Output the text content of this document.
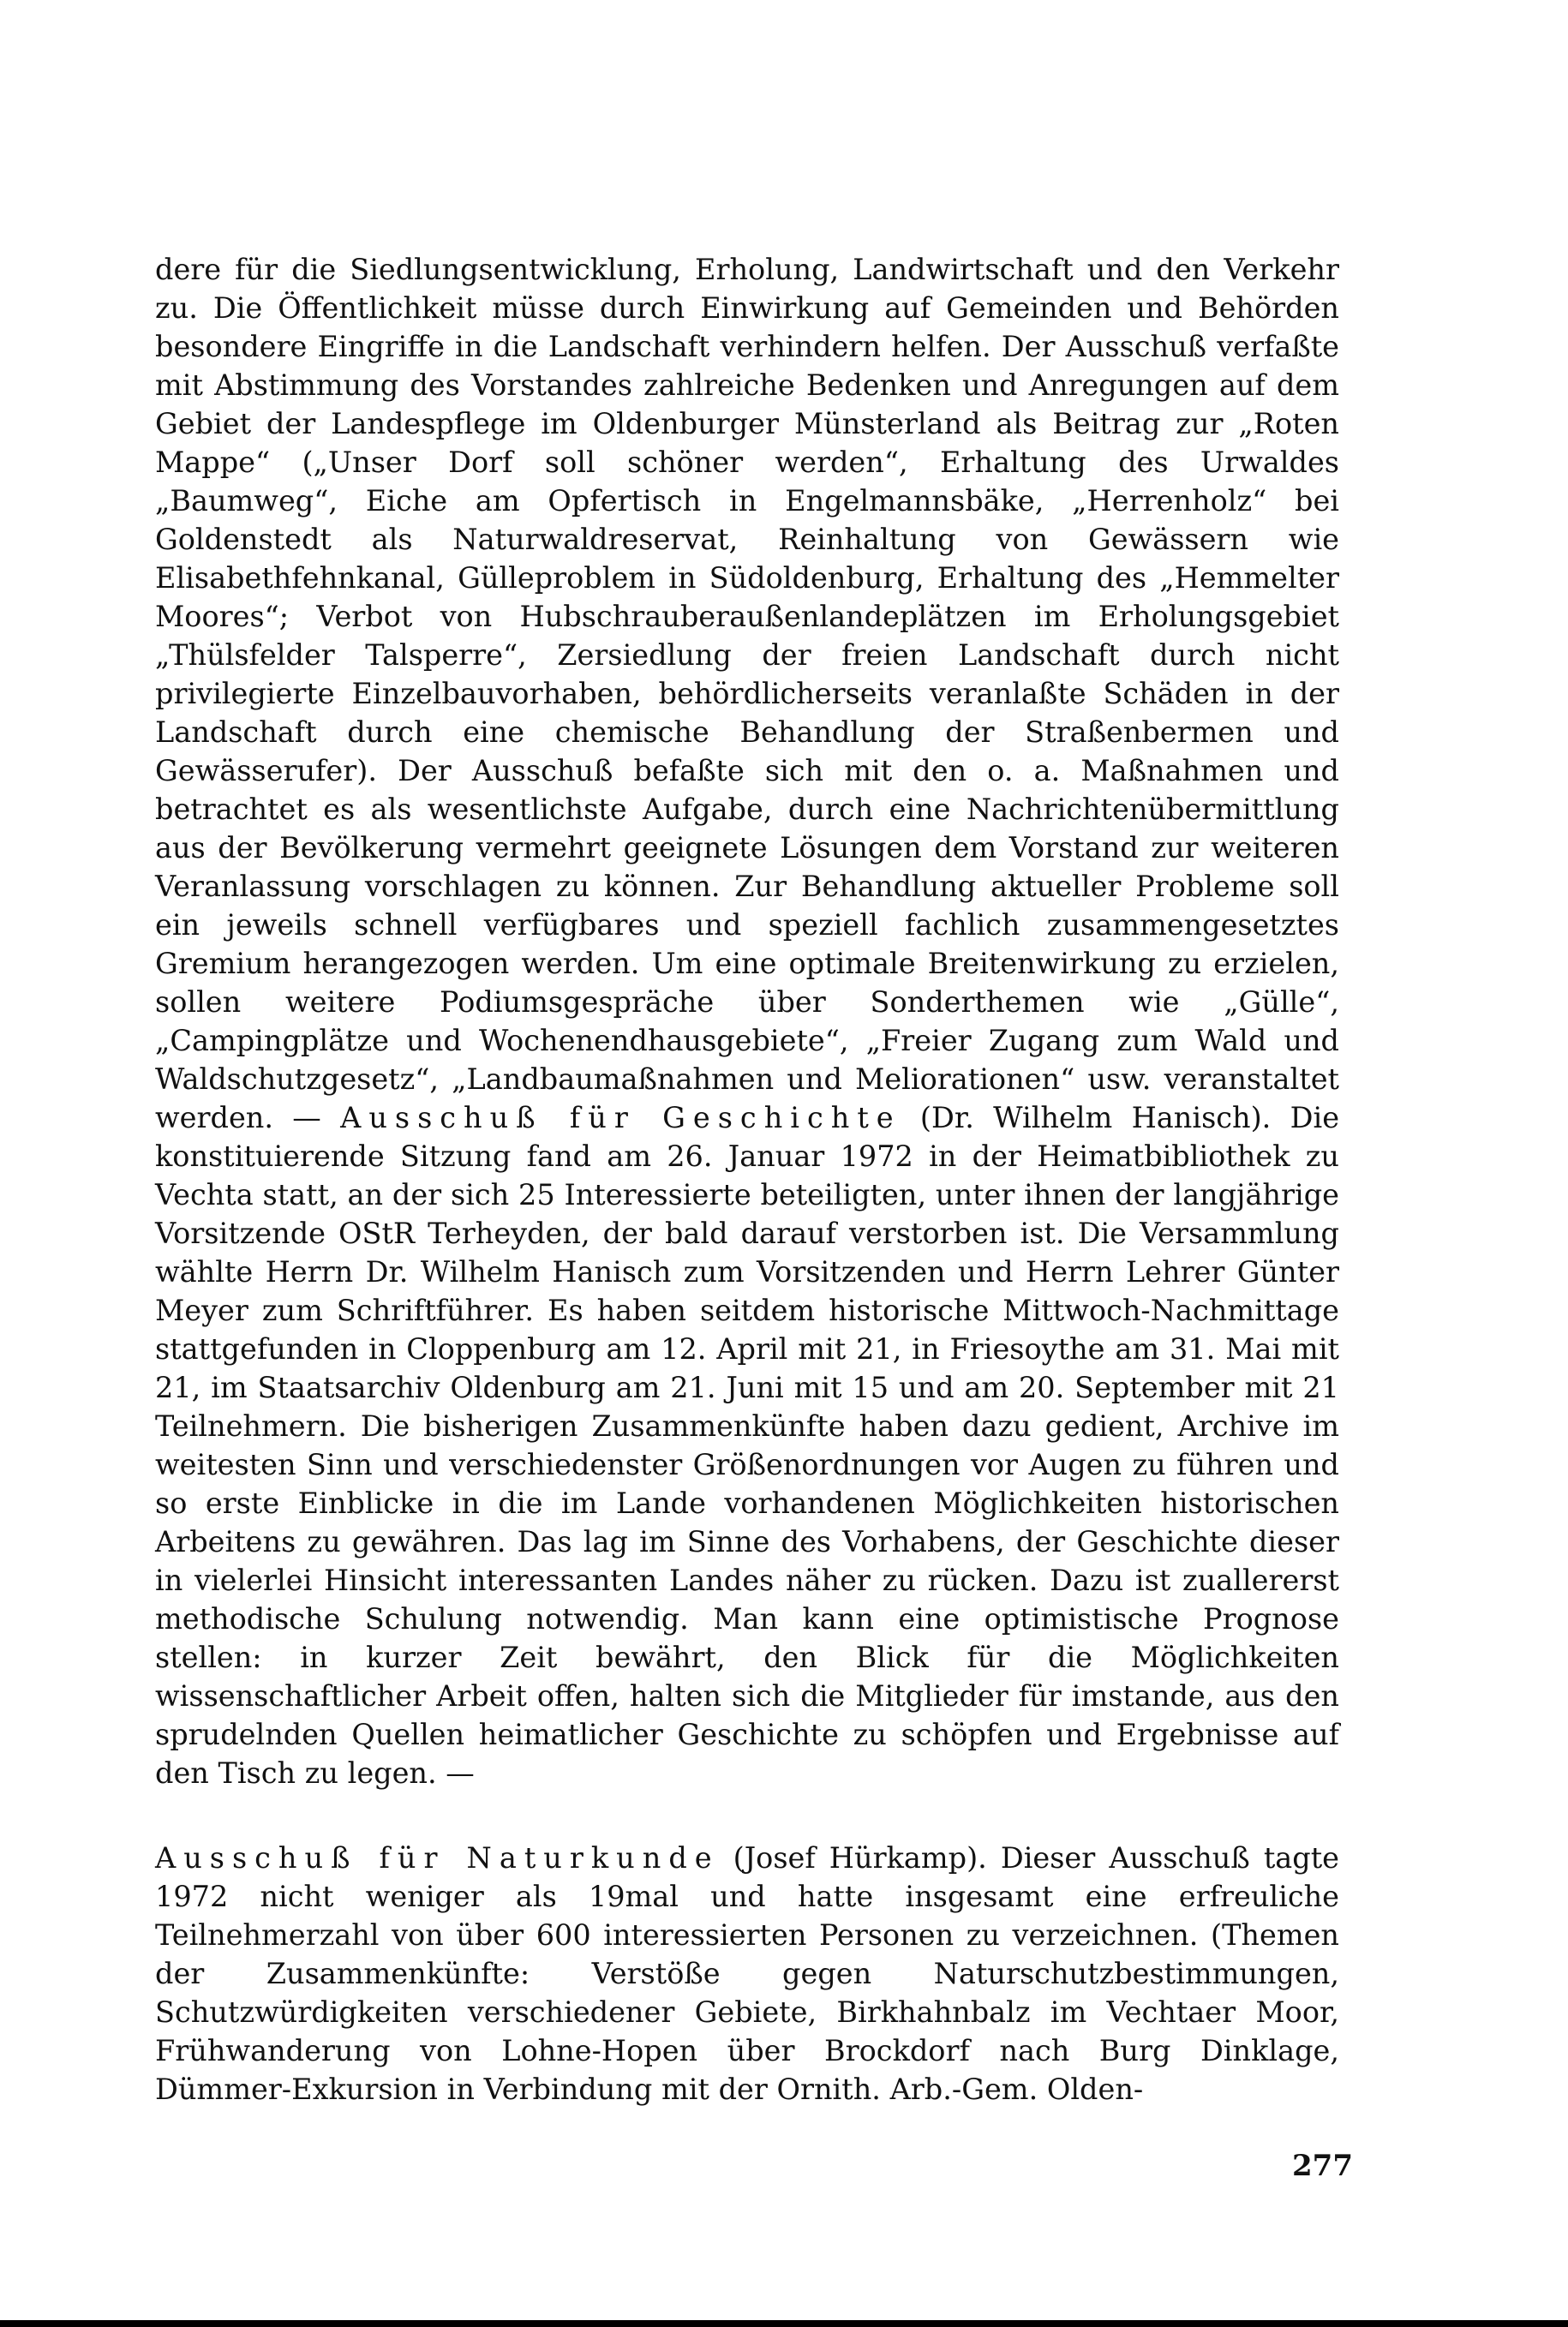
dere für die Siedlungsentwicklung, Erholung, Landwirtschaft und den Verkehr zu. Die Öffentlichkeit müsse durch Einwirkung auf Gemeinden und Behörden besondere Eingriffe in die Landschaft verhindern helfen. Der Ausschuß verfaßte mit Abstimmung des Vorstandes zahlreiche Bedenken und Anregungen auf dem Gebiet der Landespflege im Oldenburger Münsterland als Beitrag zur „Roten Mappe“ („Unser Dorf soll schöner werden“, Erhaltung des Urwaldes „Baumweg“, Eiche am Opfertisch in Engelmannsbäke, „Herrenholz“ bei Goldenstedt als Naturwaldreservat, Reinhaltung von Gewässern wie Elisabethfehnkanal, Gülleproblem in Südoldenburg, Erhaltung des „Hemmelter Moores“; Verbot von Hubschrauberaußenlandeplätzen im Erholungsgebiet „Thülsfelder Talsperre“, Zersiedlung der freien Landschaft durch nicht privilegierte Einzelbauvorhaben, behördlicherseits veranlaßte Schäden in der Landschaft durch eine chemische Behandlung der Straßenbermen und Gewässerufer). Der Ausschuß befaßte sich mit den o. a. Maßnahmen und betrachtet es als wesentlichste Aufgabe, durch eine Nachrichtenübermittlung aus der Bevölkerung vermehrt geeignete Lösungen dem Vorstand zur weiteren Veranlassung vorschlagen zu können. Zur Behandlung aktueller Probleme soll ein jeweils schnell verfügbares und speziell fachlich zusammengesetztes Gremium herangezogen werden. Um eine optimale Breitenwirkung zu erzielen, sollen weitere Podiumsgespräche über Sonderthemen wie „Gülle“, „Campingplätze und Wochenendhausgebiete“, „Freier Zugang zum Wald und Waldschutzgesetz“, „Landbaumaßnahmen und Meliorationen“ usw. veranstaltet werden. — Ausschuß für Geschichte (Dr. Wilhelm Hanisch). Die konstituierende Sitzung fand am 26. Januar 1972 in der Heimatbibliothek zu Vechta statt, an der sich 25 Interessierte beteiligten, unter ihnen der langjährige Vorsitzende OStR Terheyden, der bald darauf verstorben ist. Die Versammlung wählte Herrn Dr. Wilhelm Hanisch zum Vorsitzenden und Herrn Lehrer Günter Meyer zum Schriftführer. Es haben seitdem historische Mittwoch-Nachmittage stattgefunden in Cloppenburg am 12. April mit 21, in Friesoythe am 31. Mai mit 21, im Staatsarchiv Oldenburg am 21. Juni mit 15 und am 20. September mit 21 Teilnehmern. Die bisherigen Zusammenkünfte haben dazu gedient, Archive im weitesten Sinn und verschiedenster Größenordnungen vor Augen zu führen und so erste Einblicke in die im Lande vorhandenen Möglichkeiten historischen Arbeitens zu gewähren. Das lag im Sinne des Vorhabens, der Geschichte dieser in vielerlei Hinsicht interessanten Landes näher zu rücken. Dazu ist zuallererst methodische Schulung notwendig. Man kann eine optimistische Prognose stellen: in kurzer Zeit bewährt, den Blick für die Möglichkeiten wissenschaftlicher Arbeit offen, halten sich die Mitglieder für imstande, aus den sprudelnden Quellen heimatlicher Geschichte zu schöpfen und Ergebnisse auf den Tisch zu legen. —

Ausschuß für Naturkunde (Josef Hürkamp). Dieser Ausschuß tagte 1972 nicht weniger als 19mal und hatte insgesamt eine erfreuliche Teilnehmerzahl von über 600 interessierten Personen zu verzeichnen. (Themen der Zusammenkünfte: Verstöße gegen Naturschutzbestimmungen, Schutzwürdigkeiten verschiedener Gebiete, Birkhahnbalz im Vechtaer Moor, Frühwanderung von Lohne-Hopen über Brockdorf nach Burg Dinklage, Dümmer-Exkursion in Verbindung mit der Ornith. Arb.-Gem. Olden-

277
